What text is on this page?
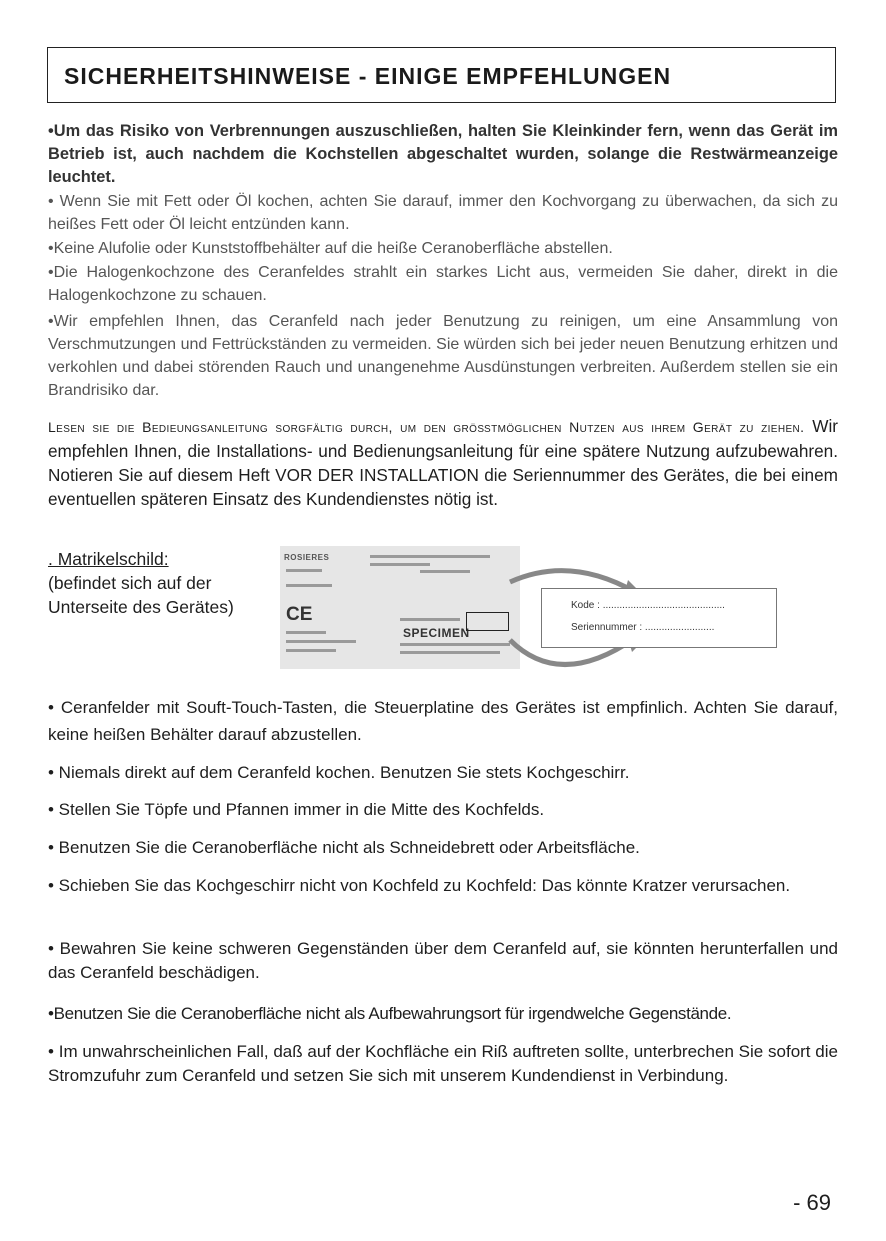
SICHERHEITSHINWEISE - EINIGE EMPFEHLUNGEN

•Um das Risiko von Verbrennungen auszuschließen, halten Sie Kleinkinder fern, wenn das Gerät im Betrieb ist, auch nachdem die Kochstellen abgeschaltet wurden, solange die Restwärmeanzeige leuchtet.

• Wenn Sie mit Fett oder Öl kochen, achten Sie darauf, immer den Kochvorgang zu überwachen, da sich zu heißes Fett oder Öl leicht entzünden kann.

•Keine Alufolie oder Kunststoffbehälter auf die heiße Ceranoberfläche abstellen.

•Die Halogenkochzone des Ceranfeldes strahlt ein starkes Licht aus, vermeiden Sie daher, direkt in die Halogenkochzone zu schauen.

•Wir empfehlen Ihnen, das Ceranfeld nach jeder Benutzung zu reinigen, um eine Ansammlung von Verschmutzungen und Fettrückständen zu vermeiden. Sie würden sich bei jeder neuen Benutzung erhitzen und verkohlen und dabei störenden Rauch und unangenehme Ausdünstungen verbreiten. Außerdem stellen sie ein Brandrisiko dar.

Lesen sie die Bedieungsanleitung sorgfältig durch, um den größtmöglichen Nutzen aus ihrem Gerät zu ziehen. Wir empfehlen Ihnen, die Installations- und Bedienungsanleitung für eine spätere Nutzung aufzubewahren. Notieren Sie auf diesem Heft VOR DER INSTALLATION die Seriennummer des Gerätes, die bei einem eventuellen späteren Einsatz des Kundendienstes nötig ist.

. Matrikelschild:
(befindet sich auf der Unterseite des Gerätes)
ROSIERES
CE
SPECIMEN
Kode : ............................................
Seriennummer : .........................

• Ceranfelder mit Souft-Touch-Tasten, die Steuerplatine des Gerätes ist empfinlich. Achten Sie darauf, keine heißen Behälter darauf abzustellen.

• Niemals direkt auf dem Ceranfeld kochen. Benutzen Sie stets Kochgeschirr.

• Stellen Sie Töpfe und Pfannen immer in die Mitte des Kochfelds.

• Benutzen Sie die Ceranoberfläche nicht als Schneidebrett oder Arbeitsfläche.

• Schieben Sie das Kochgeschirr nicht von Kochfeld zu Kochfeld: Das könnte Kratzer verursachen.

• Bewahren Sie keine schweren Gegenständen über dem Ceranfeld auf, sie könnten herunterfallen und das Ceranfeld beschädigen.

•Benutzen Sie die Ceranoberfläche nicht als Aufbewahrungsort für irgendwelche Gegenstände.

• Im unwahrscheinlichen Fall, daß auf der Kochfläche ein Riß auftreten sollte, unterbrechen Sie sofort die Stromzufuhr zum Ceranfeld und setzen Sie sich mit unserem Kundendienst in Verbindung.

- 69
